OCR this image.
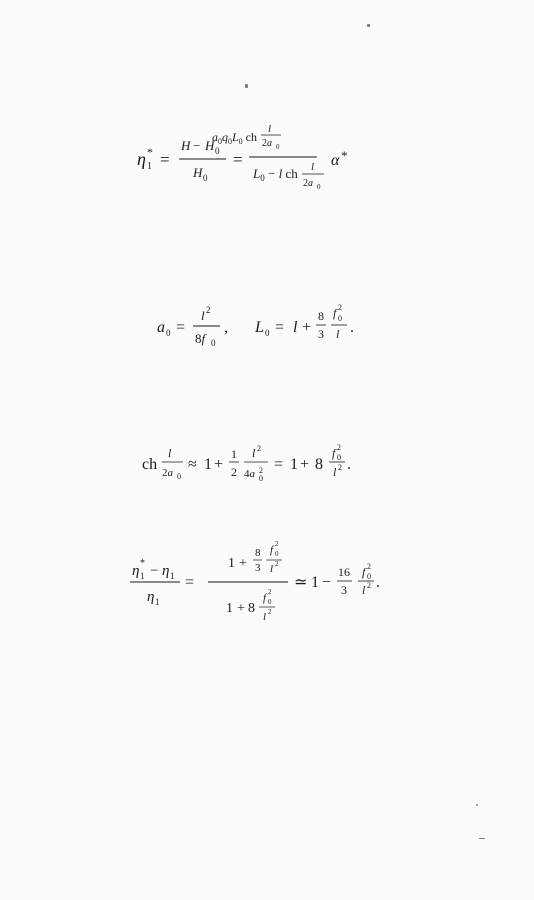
η 1
* =
H − H 0
H 0
=
l
2a 0
$a_0q_0L_0$ ch
$L_0 - l$ ch l
2a 0
α *

a 0 =
l 2
8f 0
, L 0 = l +
8
3
f 2
0
l .

ch
l
2a 0
≈ 1 +
1
2
l 2
4a 2
0
= 1 + 8
f 2
0
l 2 .

η *
1 − η 1
η 1
=
1 +
8
3
f 2
0
l 2
1 + 8
f 2
0
l 2
≃ 1 −
16
3
f 2
0
l 2 .
